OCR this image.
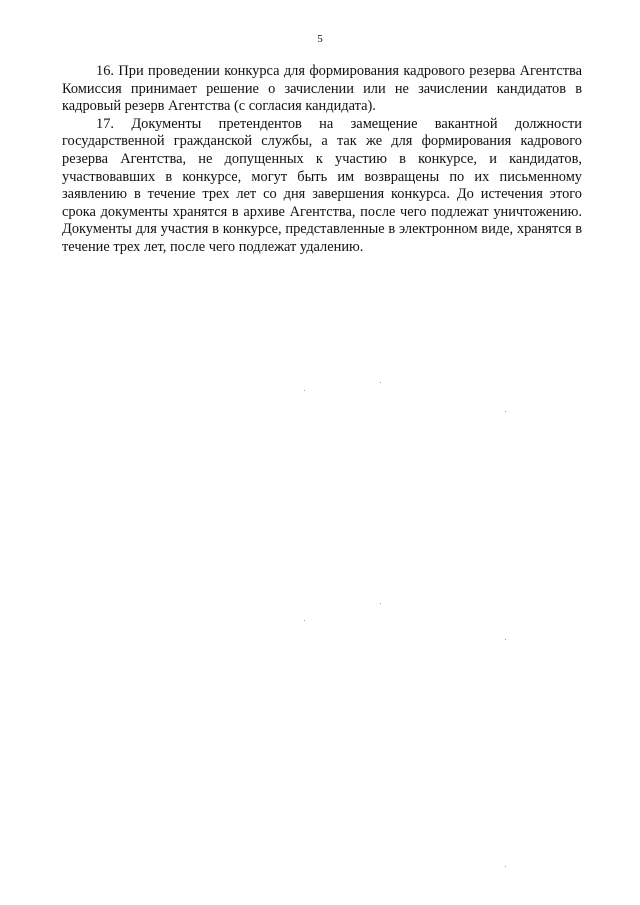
5

16. При проведении конкурса для формирования кадрового резерва Агентства Комиссия принимает решение о зачислении или не зачислении кандидатов в кадровый резерв Агентства (с согласия кандидата).

17. Документы претендентов на замещение вакантной должности государственной гражданской службы, а так же для формирования кадрового резерва Агентства, не допущенных к участию в конкурсе, и кандидатов, участвовавших в конкурсе, могут быть им возвращены по их письменному заявлению в течение трех лет со дня завершения конкурса. До истечения этого срока документы хранятся в архиве Агентства, после чего подлежат уничтожению. Документы для участия в конкурсе, представленные в электронном виде, хранятся в течение трех лет, после чего подлежат удалению.
